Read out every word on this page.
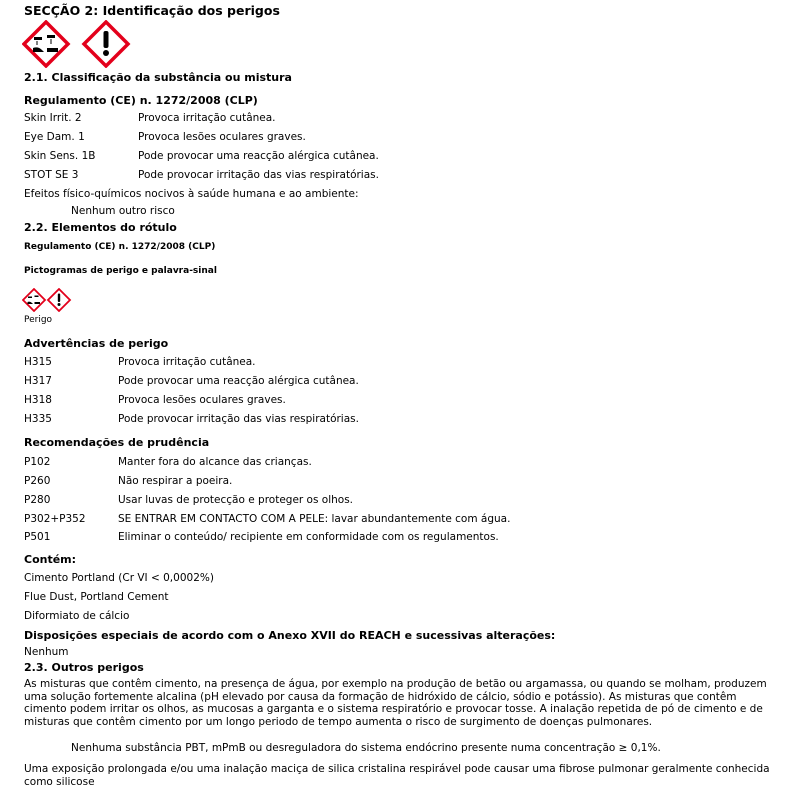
SECÇÃO 2: Identificação dos perigos
2.1. Classificação da substância ou mistura
Regulamento (CE) n. 1272/2008 (CLP)
Skin Irrit. 2	Provoca irritação cutânea.
Eye Dam. 1	Provoca lesões oculares graves.
Skin Sens. 1B	Pode provocar uma reacção alérgica cutânea.
STOT SE 3	Pode provocar irritação das vias respiratórias.
Efeitos físico-químicos nocivos à saúde humana e ao ambiente:
Nenhum outro risco
2.2. Elementos do rótulo
Regulamento (CE) n. 1272/2008 (CLP)
Pictogramas de perigo e palavra-sinal
Perigo
Advertências de perigo
H315	Provoca irritação cutânea.
H317	Pode provocar uma reacção alérgica cutânea.
H318	Provoca lesões oculares graves.
H335	Pode provocar irritação das vias respiratórias.
Recomendações de prudência
P102	Manter fora do alcance das crianças.
P260	Não respirar a poeira.
P280	Usar luvas de protecção e proteger os olhos.
P302+P352	SE ENTRAR EM CONTACTO COM A PELE: lavar abundantemente com água.
P501	Eliminar o conteúdo/ recipiente em conformidade com os regulamentos.
Contém:
Cimento Portland (Cr VI < 0,0002%)
Flue Dust, Portland Cement
Diformiato de cálcio
Disposições especiais de acordo com o Anexo XVII do REACH e sucessivas alterações:
Nenhum
2.3. Outros perigos
As misturas que contêm cimento, na presença de água, por exemplo na produção de betão ou argamassa, ou quando se molham, produzem uma solução fortemente alcalina (pH elevado por causa da formação de hidróxido de cálcio, sódio e potássio). As misturas que contêm cimento podem irritar os olhos, as mucosas a garganta e o sistema respiratório e provocar tosse. A inalação repetida de pó de cimento e de misturas que contêm cimento por um longo periodo de tempo aumenta o risco de surgimento de doenças pulmonares.
Nenhuma substância PBT, mPmB ou desreguladora do sistema endócrino presente numa concentração ≥ 0,1%.
Uma exposição prolongada e/ou uma inalação maciça de silica cristalina respirável pode causar uma fibrose pulmonar geralmente conhecida como silicose
